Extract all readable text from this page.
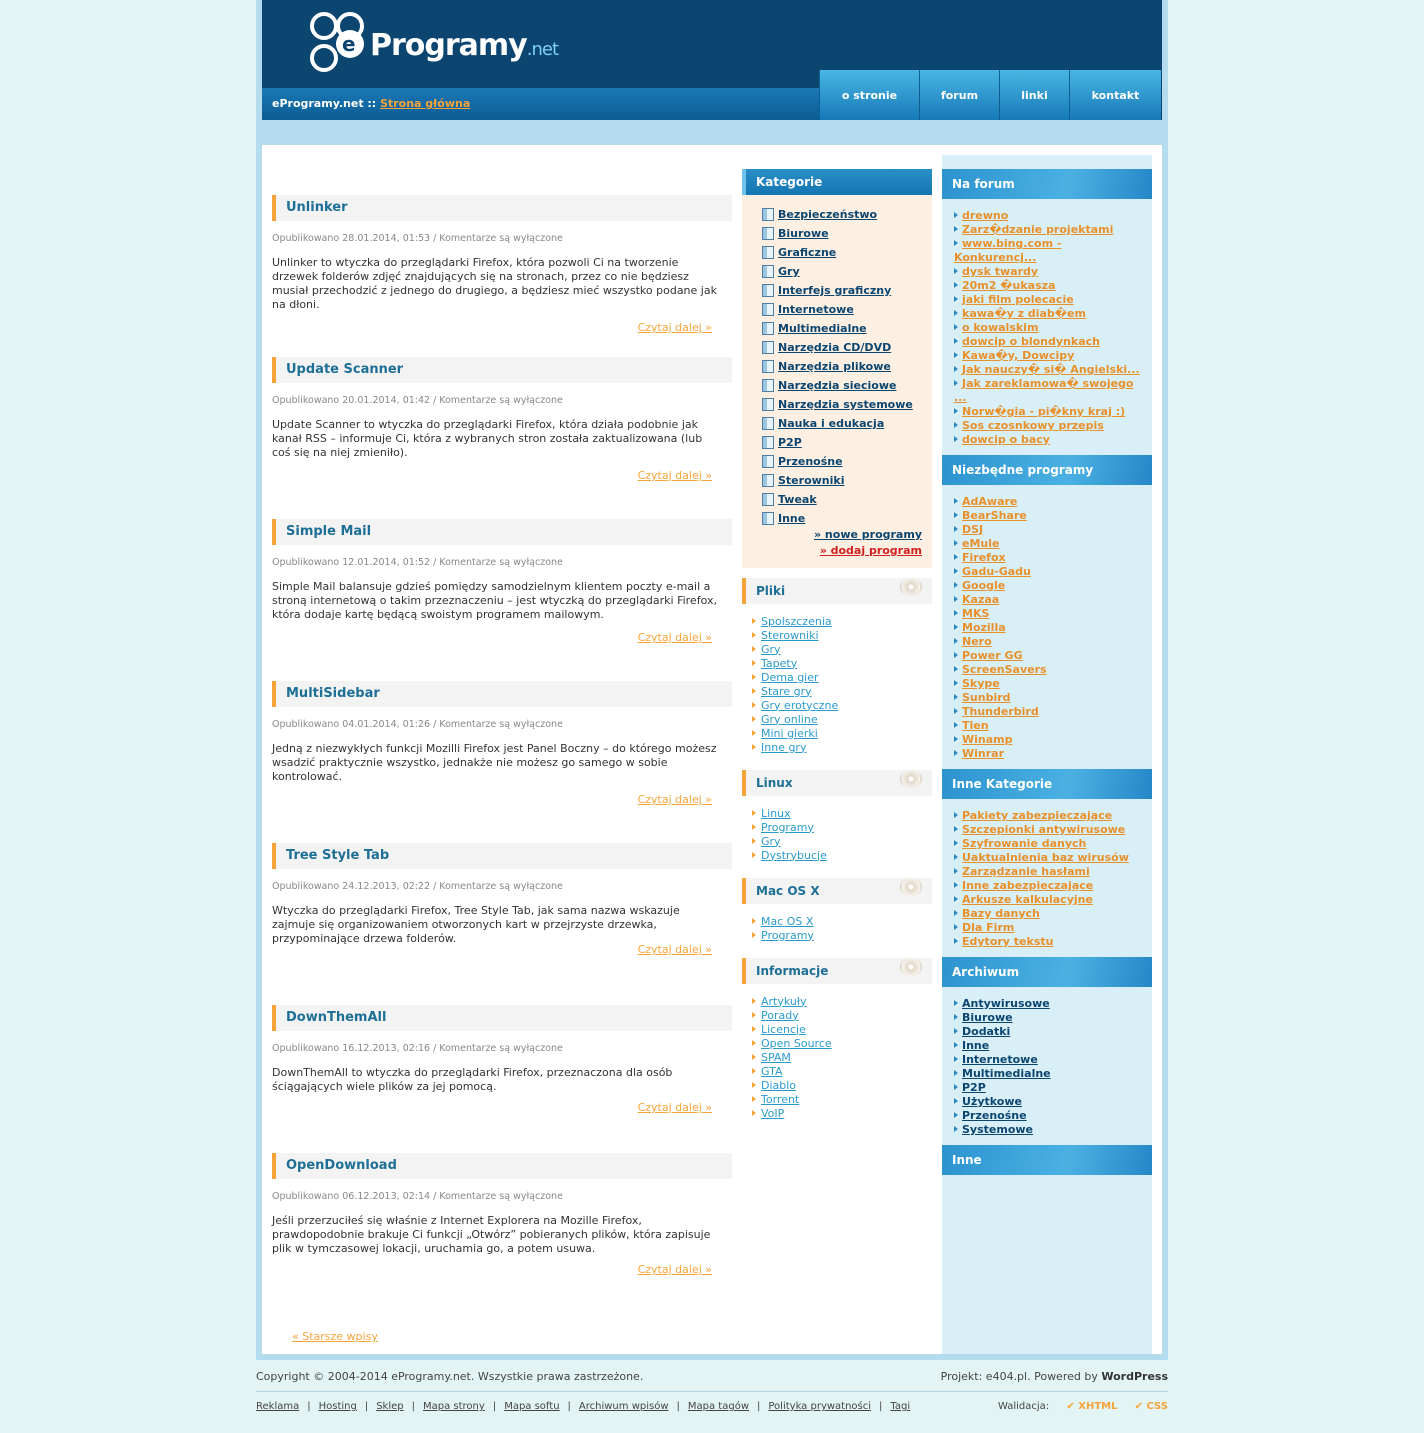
e Programy.net
eProgramy.net :: Strona główna
o stronie	forum	linki	kontakt
Unlinker
Opublikowano 28.01.2014, 01:53 / Komentarze są wyłączone
Unlinker to wtyczka do przeglądarki Firefox, która pozwoli Ci na tworzenie drzewek folderów zdjęć znajdujących się na stronach, przez co nie będziesz musiał przechodzić z jednego do drugiego, a będziesz mieć wszystko podane jak na dłoni.
Czytaj dalej »
Update Scanner
Opublikowano 20.01.2014, 01:42 / Komentarze są wyłączone
Update Scanner to wtyczka do przeglądarki Firefox, która działa podobnie jak kanał RSS – informuje Ci, która z wybranych stron została zaktualizowana (lub coś się na niej zmieniło).
Czytaj dalej »
Simple Mail
Opublikowano 12.01.2014, 01:52 / Komentarze są wyłączone
Simple Mail balansuje gdzieś pomiędzy samodzielnym klientem poczty e-mail a stroną internetową o takim przeznaczeniu – jest wtyczką do przeglądarki Firefox, która dodaje kartę będącą swoistym programem mailowym.
Czytaj dalej »
MultiSidebar
Opublikowano 04.01.2014, 01:26 / Komentarze są wyłączone
Jedną z niezwykłych funkcji Mozilli Firefox jest Panel Boczny – do którego możesz wsadzić praktycznie wszystko, jednakże nie możesz go samego w sobie kontrolować.
Czytaj dalej »
Tree Style Tab
Opublikowano 24.12.2013, 02:22 / Komentarze są wyłączone
Wtyczka do przeglądarki Firefox, Tree Style Tab, jak sama nazwa wskazuje zajmuje się organizowaniem otworzonych kart w przejrzyste drzewka, przypominające drzewa folderów.
Czytaj dalej »
DownThemAll
Opublikowano 16.12.2013, 02:16 / Komentarze są wyłączone
DownThemAll to wtyczka do przeglądarki Firefox, przeznaczona dla osób ściągających wiele plików za jej pomocą.
Czytaj dalej »
OpenDownload
Opublikowano 06.12.2013, 02:14 / Komentarze są wyłączone
Jeśli przerzuciłeś się właśnie z Internet Explorera na Mozille Firefox, prawdopodobnie brakuje Ci funkcji „Otwórz” pobieranych plików, która zapisuje plik w tymczasowej lokacji, uruchamia go, a potem usuwa.
Czytaj dalej »
« Starsze wpisy
Kategorie
Bezpieczeństwo
Biurowe
Graficzne
Gry
Interfejs graficzny
Internetowe
Multimedialne
Narzędzia CD/DVD
Narzędzia plikowe
Narzędzia sieciowe
Narzędzia systemowe
Nauka i edukacja
P2P
Przenośne
Sterowniki
Tweak
Inne
» nowe programy
» dodaj program
Pliki
Spolszczenia
Sterowniki
Gry
Tapety
Dema gier
Stare gry
Gry erotyczne
Gry online
Mini gierki
Inne gry
Linux
Linux
Programy
Gry
Dystrybucje
Mac OS X
Mac OS X
Programy
Informacje
Artykuły
Porady
Licencje
Open Source
SPAM
GTA
Diablo
Torrent
VoIP
Na forum
drewno
Zarz�dzanie projektami
www.bing.com - Konkurencj...
dysk twardy
20m2 �ukasza
jaki film polecacie
kawa�y z diab�em
o kowalskim
dowcip o blondynkach
Kawa�y, Dowcipy
Jak nauczy� si� Angielski...
Jak zareklamowa� swojego ...
Norw�gia - pi�kny kraj :)
Sos czosnkowy przepis
dowcip o bacy
Niezbędne programy
AdAware
BearShare
DSJ
eMule
Firefox
Gadu-Gadu
Google
Kazaa
MKS
Mozilla
Nero
Power GG
ScreenSavers
Skype
Sunbird
Thunderbird
Tlen
Winamp
Winrar
Inne Kategorie
Pakiety zabezpieczające
Szczepionki antywirusowe
Szyfrowanie danych
Uaktualnienia baz wirusów
Zarządzanie hasłami
Inne zabezpieczające
Arkusze kalkulacyjne
Bazy danych
Dla Firm
Edytory tekstu
Archiwum
Antywirusowe
Biurowe
Dodatki
Inne
Internetowe
Multimedialne
P2P
Użytkowe
Przenośne
Systemowe
Inne
Copyright © 2004-2014 eProgramy.net. Wszystkie prawa zastrzeżone.	Projekt: e404.pl. Powered by WordPress
Reklama | Hosting | Sklep | Mapa strony | Mapa softu | Archiwum wpisów | Mapa tagów | Polityka prywatności | Tagi	Walidacja: ✔ XHTML ✔ CSS
